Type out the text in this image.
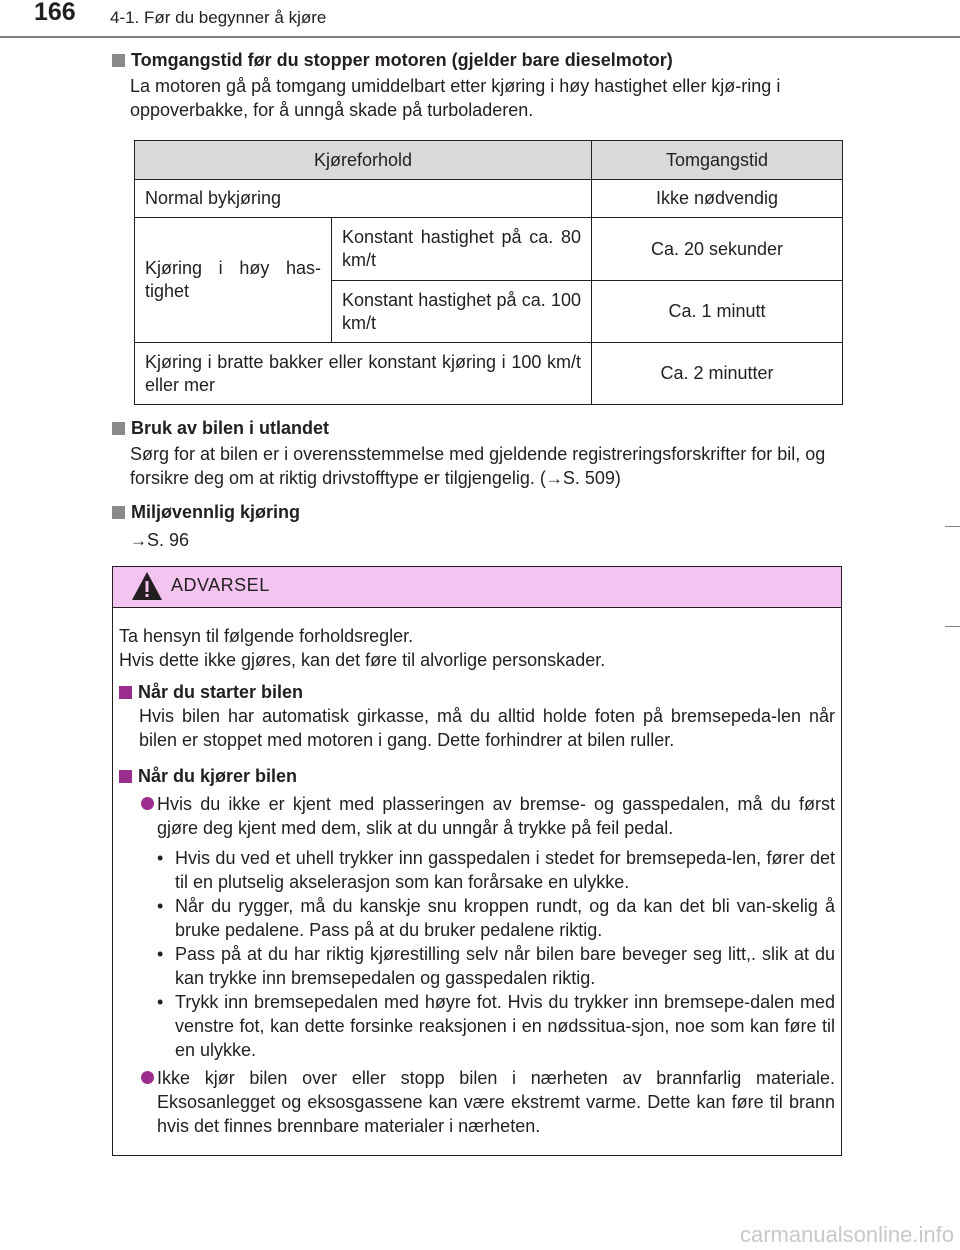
166 4-1. Før du begynner å kjøre

Tomgangstid før du stopper motoren (gjelder bare dieselmotor)

La motoren gå på tomgang umiddelbart etter kjøring i høy hastighet eller kjø-ring i oppoverbakke, for å unngå skade på turboladeren.

Kjøreforhold		Tomgangstid
Normal bykjøring		Ikke nødvendig
Kjøring i høy has-tighet	Konstant hastighet på ca. 80 km/t	Ca. 20 sekunder
	Konstant hastighet på ca. 100 km/t	Ca. 1 minutt
Kjøring i bratte bakker eller konstant kjøring i 100 km/t eller mer		Ca. 2 minutter

Bruk av bilen i utlandet

Sørg for at bilen er i overensstemmelse med gjeldende registreringsforskrifter for bil, og forsikre deg om at riktig drivstofftype er tilgjengelig. (→S. 509)

Miljøvennlig kjøring

→S. 96

ADVARSEL

Ta hensyn til følgende forholdsregler.

Hvis dette ikke gjøres, kan det føre til alvorlige personskader.

Når du starter bilen

Hvis bilen har automatisk girkasse, må du alltid holde foten på bremsepeda-len når bilen er stoppet med motoren i gang. Dette forhindrer at bilen ruller.

Når du kjører bilen

Hvis du ikke er kjent med plasseringen av bremse- og gasspedalen, må du først gjøre deg kjent med dem, slik at du unngår å trykke på feil pedal.

• Hvis du ved et uhell trykker inn gasspedalen i stedet for bremsepeda-len, fører det til en plutselig akselerasjon som kan forårsake en ulykke.
• Når du rygger, må du kanskje snu kroppen rundt, og da kan det bli van-skelig å bruke pedalene. Pass på at du bruker pedalene riktig.
• Pass på at du har riktig kjørestilling selv når bilen bare beveger seg litt,. slik at du kan trykke inn bremsepedalen og gasspedalen riktig.
• Trykk inn bremsepedalen med høyre fot. Hvis du trykker inn bremsepe-dalen med venstre fot, kan dette forsinke reaksjonen i en nødssitua-sjon, noe som kan føre til en ulykke.

Ikke kjør bilen over eller stopp bilen i nærheten av brannfarlig materiale. Eksosanlegget og eksosgassene kan være ekstremt varme. Dette kan føre til brann hvis det finnes brennbare materialer i nærheten.

carmanualsonline.info
